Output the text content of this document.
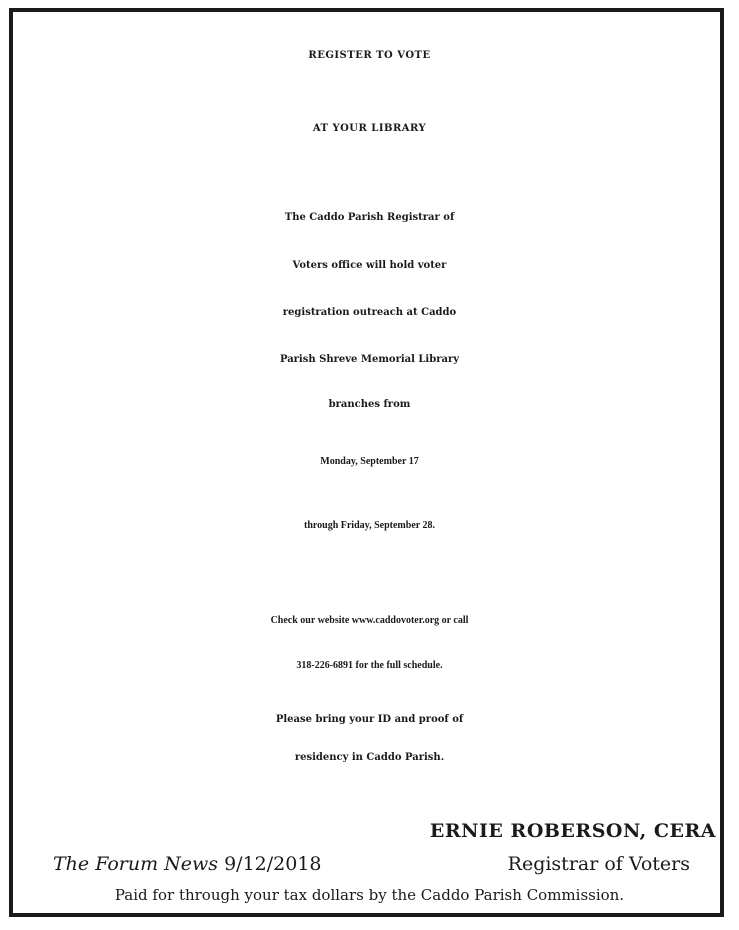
REGISTER TO VOTE
AT YOUR LIBRARY

The Caddo Parish Registrar of

Voters office will hold voter

registration outreach at Caddo

Parish Shreve Memorial Library

branches from

Monday, September 17

through Friday, September 28.

Check our website www.caddovoter.org or call

318-226-6891 for the full schedule.

Please bring your ID and proof of

residency in Caddo Parish.

ERNIE ROBERSON, CERA
The Forum News 9/12/2018	Registrar of Voters
Paid for through your tax dollars by the Caddo Parish Commission.
